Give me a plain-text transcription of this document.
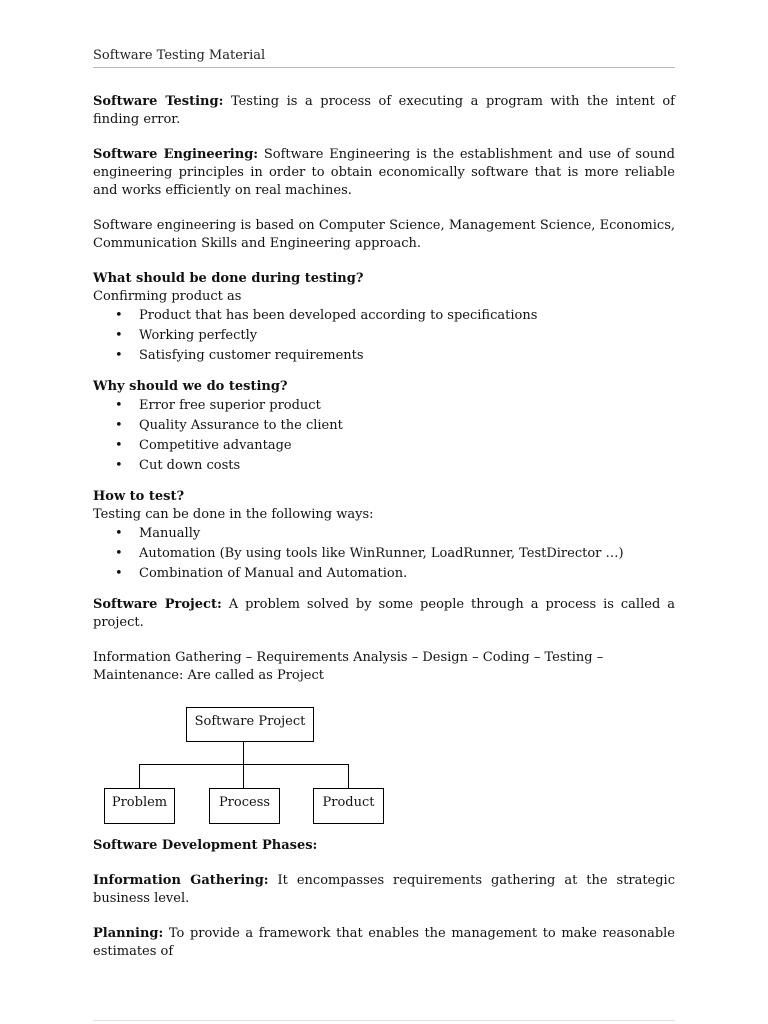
Software Testing Material

Software Testing: Testing is a process of executing a program with the intent of finding error.

Software Engineering: Software Engineering is the establishment and use of sound engineering principles in order to obtain economically software that is more reliable and works efficiently on real machines.

Software engineering is based on Computer Science, Management Science, Economics, Communication Skills and Engineering approach.

What should be done during testing?

Confirming product as

• Product that has been developed according to specifications
• Working perfectly
• Satisfying customer requirements

Why should we do testing?

• Error free superior product
• Quality Assurance to the client
• Competitive advantage
• Cut down costs

How to test?

Testing can be done in the following ways:

• Manually
• Automation (By using tools like WinRunner, LoadRunner, TestDirector …)
• Combination of Manual and Automation.

Software Project: A problem solved by some people through a process is called a project.

Information Gathering – Requirements Analysis – Design – Coding – Testing – Maintenance: Are called as Project

Software Project
Problem	Process	Product

Software Development Phases:

Information Gathering: It encompasses requirements gathering at the strategic business level.

Planning: To provide a framework that enables the management to make reasonable estimates of
